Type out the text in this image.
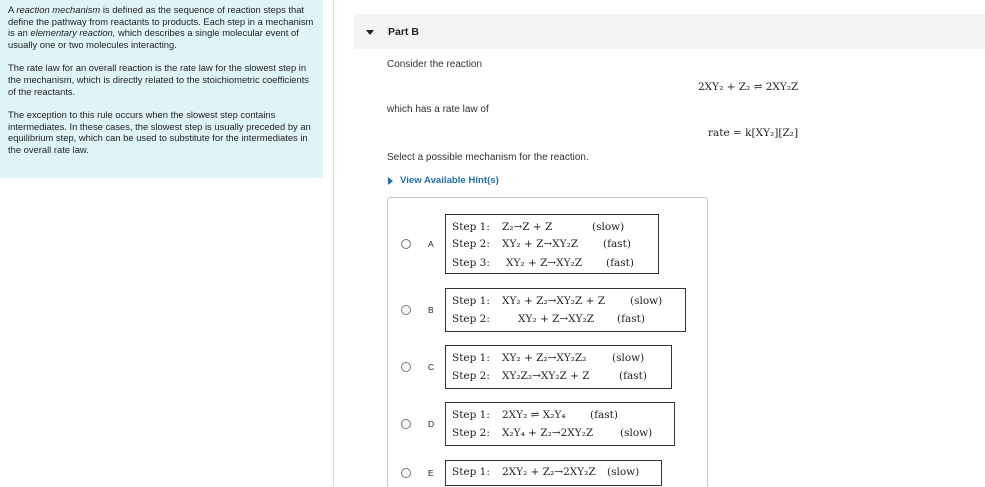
A reaction mechanism is defined as the sequence of reaction steps that define the pathway from reactants to products. Each step in a mechanism is an elementary reaction, which describes a single molecular event of usually one or two molecules interacting.

The rate law for an overall reaction is the rate law for the slowest step in the mechanism, which is directly related to the stoichiometric coefficients of the reactants.

The exception to this rule occurs when the slowest step contains intermediates. In these cases, the slowest step is usually preceded by an equilibrium step, which can be used to substitute for the intermediates in the overall rate law.

Part B
Consider the reaction
2XY₂ + Z₂ ⇌ 2XY₂Z
which has a rate law of
rate = k[XY₂][Z₂]
Select a possible mechanism for the reaction.
View Available Hint(s)
A
Step 1: Z₂→Z + Z	(slow)
Step 2: XY₂ + Z→XY₂Z (fast)
Step 3: XY₂ + Z→XY₂Z (fast)
B
Step 1: XY₂ + Z₂→XY₂Z + Z (slow)
Step 2:	XY₂ + Z→XY₂Z (fast)
C
Step 1: XY₂ + Z₂→XY₂Z₂ (slow)
Step 2: XY₂Z₂→XY₂Z + Z	(fast)
D
Step 1: 2XY₂ ⇌ X₂Y₄ (fast)
Step 2: X₂Y₄ + Z₂→2XY₂Z	(slow)
E Step 1: 2XY₂ + Z₂→2XY₂Z (slow)
